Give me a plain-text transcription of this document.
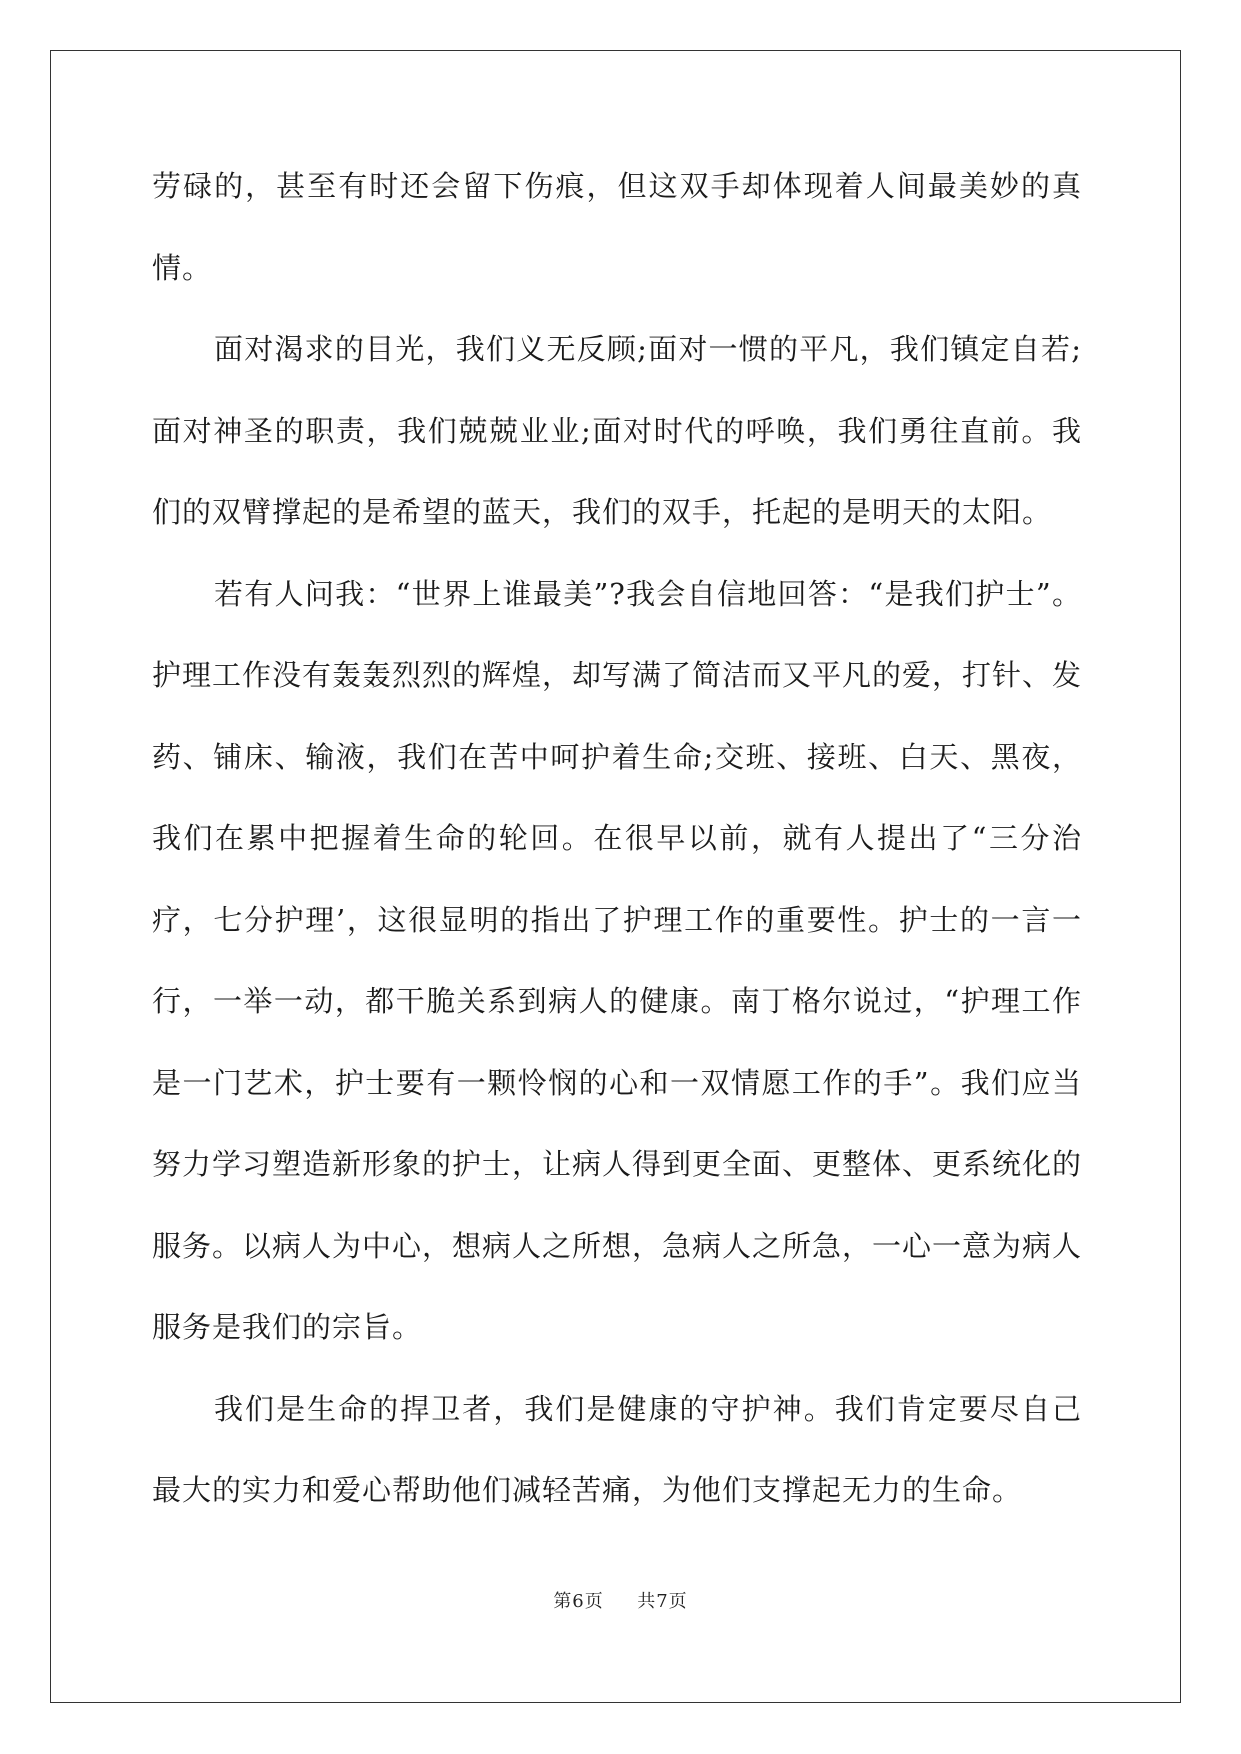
劳碌的，甚至有时还会留下伤痕，但这双手却体现着人间最美妙的真情。

面对渴求的目光，我们义无反顾;面对一惯的平凡，我们镇定自若;面对神圣的职责，我们兢兢业业;面对时代的呼唤，我们勇往直前。我们的双臂撑起的是希望的蓝天，我们的双手，托起的是明天的太阳。

若有人问我：“世界上谁最美”?我会自信地回答：“是我们护士”。护理工作没有轰轰烈烈的辉煌，却写满了简洁而又平凡的爱，打针、发药、铺床、输液，我们在苦中呵护着生命;交班、接班、白天、黑夜，我们在累中把握着生命的轮回。在很早以前，就有人提出了“三分治疗，七分护理’，这很显明的指出了护理工作的重要性。护士的一言一行，一举一动，都干脆关系到病人的健康。南丁格尔说过，“护理工作是一门艺术，护士要有一颗怜悯的心和一双情愿工作的手”。我们应当努力学习塑造新形象的护士，让病人得到更全面、更整体、更系统化的服务。以病人为中心，想病人之所想，急病人之所急，一心一意为病人服务是我们的宗旨。

我们是生命的捍卫者，我们是健康的守护神。我们肯定要尽自己最大的实力和爱心帮助他们减轻苦痛，为他们支撑起无力的生命。

第6页 共7页
